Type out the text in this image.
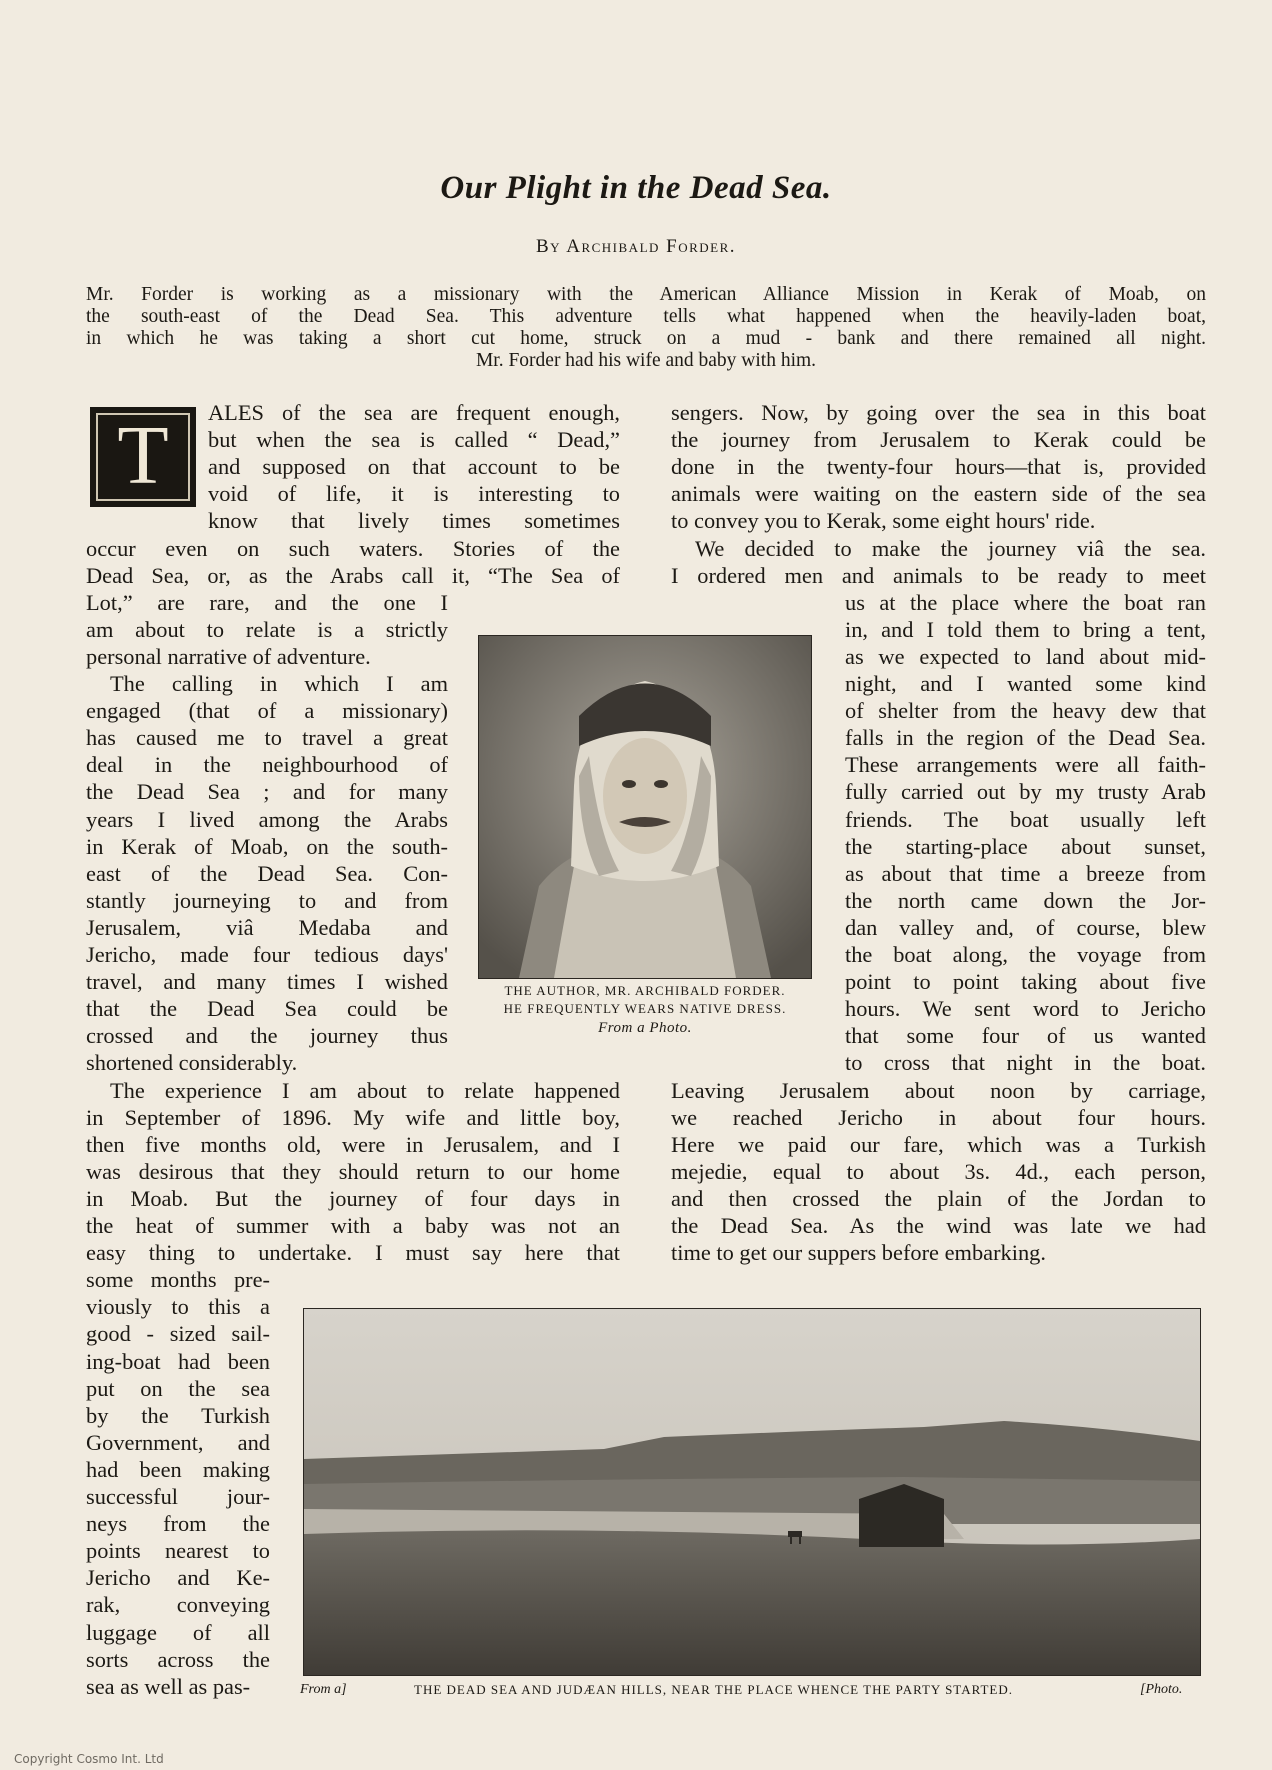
Our Plight in the Dead Sea.
By Archibald Forder.
Mr. Forder is working as a missionary with the American Alliance Mission in Kerak of Moab, on
the south-east of the Dead Sea. This adventure tells what happened when the heavily-laden boat,
in which he was taking a short cut home, struck on a mud - bank and there remained all night.
Mr. Forder had his wife and baby with him.
T	ALES of the sea are frequent enough,
but when the sea is called “ Dead,”
and supposed on that account to be
void of life, it is interesting to
know that lively times sometimes
occur even on such waters. Stories of the
Dead Sea, or, as the Arabs call it, “The Sea of
Lot,” are rare, and the one I
am about to relate is a strictly
personal narrative of adventure.
The calling in which I am
engaged (that of a missionary)
has caused me to travel a great
deal in the neighbourhood of
the Dead Sea ; and for many
years I lived among the Arabs
in Kerak of Moab, on the south-
east of the Dead Sea. Con-
stantly journeying to and from
Jerusalem, viâ Medaba and
Jericho, made four tedious days'
travel, and many times I wished
that the Dead Sea could be
crossed and the journey thus
shortened considerably.
The experience I am about to relate happened
in September of 1896. My wife and little boy,
then five months old, were in Jerusalem, and I
was desirous that they should return to our home
in Moab. But the journey of four days in
the heat of summer with a baby was not an
easy thing to undertake. I must say here that
some months pre-
viously to this a
good - sized sail-
ing-boat had been
put on the sea
by the Turkish
Government, and
had been making
successful jour-
neys from the
points nearest to
Jericho and Ke-
rak, conveying
luggage of all
sorts across the
sea as well as pas-
sengers. Now, by going over the sea in this boat
the journey from Jerusalem to Kerak could be
done in the twenty-four hours—that is, provided
animals were waiting on the eastern side of the sea
to convey you to Kerak, some eight hours' ride.
We decided to make the journey viâ the sea.
I ordered men and animals to be ready to meet
us at the place where the boat ran
in, and I told them to bring a tent,
as we expected to land about mid-
night, and I wanted some kind
of shelter from the heavy dew that
falls in the region of the Dead Sea.
These arrangements were all faith-
fully carried out by my trusty Arab
friends. The boat usually left
the starting-place about sunset,
as about that time a breeze from
the north came down the Jor-
dan valley and, of course, blew
the boat along, the voyage from
point to point taking about five
hours. We sent word to Jericho
that some four of us wanted
to cross that night in the boat.
Leaving Jerusalem about noon by carriage,
we reached Jericho in about four hours.
Here we paid our fare, which was a Turkish
mejedie, equal to about 3s. 4d., each person,
and then crossed the plain of the Jordan to
the Dead Sea. As the wind was late we had
time to get our suppers before embarking.
THE AUTHOR, MR. ARCHIBALD FORDER.
HE FREQUENTLY WEARS NATIVE DRESS.
From a Photo.
From a]	THE DEAD SEA AND JUDÆAN HILLS, NEAR THE PLACE WHENCE THE PARTY STARTED.	[Photo.
Copyright Cosmo Int. Ltd
